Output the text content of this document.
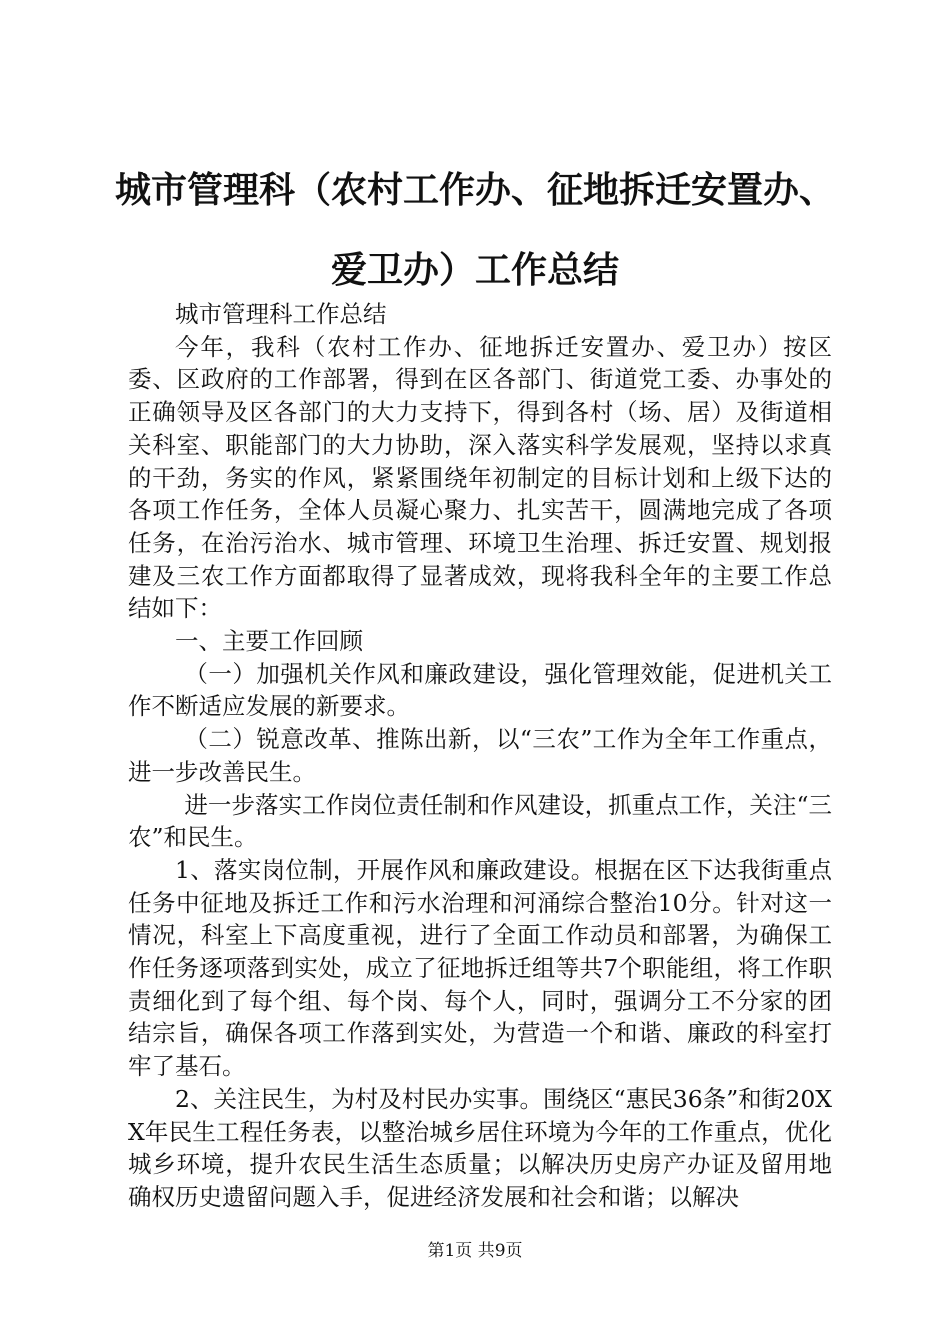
城市管理科（农村工作办、征地拆迁安置办、
爱卫办）工作总结

城市管理科工作总结

今年，我科（农村工作办、征地拆迁安置办、爱卫办）按区委、区政府的工作部署，得到在区各部门、街道党工委、办事处的正确领导及区各部门的大力支持下，得到各村（场、居）及街道相关科室、职能部门的大力协助，深入落实科学发展观，坚持以求真的干劲，务实的作风，紧紧围绕年初制定的目标计划和上级下达的各项工作任务，全体人员凝心聚力、扎实苦干，圆满地完成了各项任务，在治污治水、城市管理、环境卫生治理、拆迁安置、规划报建及三农工作方面都取得了显著成效，现将我科全年的主要工作总结如下：

一、主要工作回顾

（一）加强机关作风和廉政建设，强化管理效能，促进机关工作不断适应发展的新要求。

（二）锐意改革、推陈出新，以“三农”工作为全年工作重点，进一步改善民生。

进一步落实工作岗位责任制和作风建设，抓重点工作，关注“三农”和民生。

1、落实岗位制，开展作风和廉政建设。根据在区下达我街重点任务中征地及拆迁工作和污水治理和河涌综合整治10分。针对这一情况，科室上下高度重视，进行了全面工作动员和部署，为确保工作任务逐项落到实处，成立了征地拆迁组等共7个职能组，将工作职责细化到了每个组、每个岗、每个人，同时，强调分工不分家的团结宗旨，确保各项工作落到实处，为营造一个和谐、廉政的科室打牢了基石。

2、关注民生，为村及村民办实事。围绕区“惠民36条”和街20XX年民生工程任务表，以整治城乡居住环境为今年的工作重点，优化城乡环境，提升农民生活生态质量；以解决历史房产办证及留用地确权历史遗留问题入手，促进经济发展和社会和谐；以解决

第1页 共9页
